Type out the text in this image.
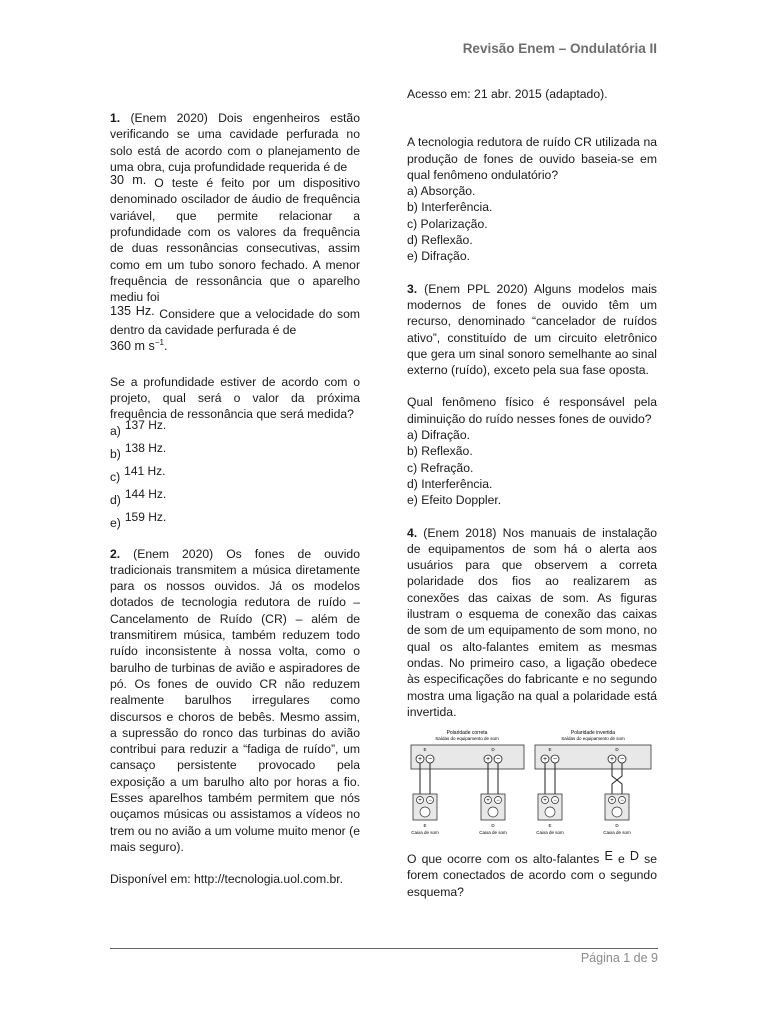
Revisão Enem – Ondulatória II

1. (Enem 2020) Dois engenheiros estão verificando se uma cavidade perfurada no solo está de acordo com o planejamento de uma obra, cuja profundidade requerida é de
30 m. O teste é feito por um dispositivo denominado oscilador de áudio de frequência variável, que permite relacionar a profundidade com os valores da frequência de duas ressonâncias consecutivas, assim como em um tubo sonoro fechado. A menor frequência de ressonância que o aparelho mediu foi
135 Hz. Considere que a velocidade do som dentro da cavidade perfurada é de
360 m $s^{-1}$.

Se a profundidade estiver de acordo com o projeto, qual será o valor da próxima frequência de ressonância que será medida?

a) 137 Hz.
b) 138 Hz.
c) 141 Hz.
d) 144 Hz.
e) 159 Hz.

2. (Enem 2020) Os fones de ouvido tradicionais transmitem a música diretamente para os nossos ouvidos. Já os modelos dotados de tecnologia redutora de ruído – Cancelamento de Ruído (CR) – além de transmitirem música, também reduzem todo ruído inconsistente à nossa volta, como o barulho de turbinas de avião e aspiradores de pó. Os fones de ouvido CR não reduzem realmente barulhos irregulares como discursos e choros de bebês. Mesmo assim, a supressão do ronco das turbinas do avião contribui para reduzir a “fadiga de ruído”, um cansaço persistente provocado pela exposição a um barulho alto por horas a fio. Esses aparelhos também permitem que nós ouçamos músicas ou assistamos a vídeos no trem ou no avião a um volume muito menor (e mais seguro).

Disponível em: http://tecnologia.uol.com.br.

Acesso em: 21 abr. 2015 (adaptado).

A tecnologia redutora de ruído CR utilizada na produção de fones de ouvido baseia-se em qual fenômeno ondulatório?

a) Absorção.
b) Interferência.
c) Polarização.
d) Reflexão.
e) Difração.

3. (Enem PPL 2020) Alguns modelos mais modernos de fones de ouvido têm um recurso, denominado “cancelador de ruídos ativo”, constituído de um circuito eletrônico que gera um sinal sonoro semelhante ao sinal externo (ruído), exceto pela sua fase oposta.

Qual fenômeno físico é responsável pela diminuição do ruído nesses fones de ouvido?

a) Difração.
b) Reflexão.
c) Refração.
d) Interferência.
e) Efeito Doppler.

4. (Enem 2018) Nos manuais de instalação de equipamentos de som há o alerta aos usuários para que observem a correta polaridade dos fios ao realizarem as conexões das caixas de som. As figuras ilustram o esquema de conexão das caixas de som de um equipamento de som mono, no qual os alto-falantes emitem as mesmas ondas. No primeiro caso, a ligação obedece às especificações do fabricante e no segundo mostra uma ligação na qual a polaridade está invertida.

Polaridade correta
Saídas do equipamento de som
E	D
+ −	+ −
+ −
E
Caixa de som
+ −
D
Caixa de som
Polaridade invertida
Saídas do equipamento de som
E	D
+ −	+ −
+ −
E
Caixa de som
+ −
D
Caixa de som

O que ocorre com os alto-falantes E e D se forem conectados de acordo com o segundo esquema?

Página 1 de 9
